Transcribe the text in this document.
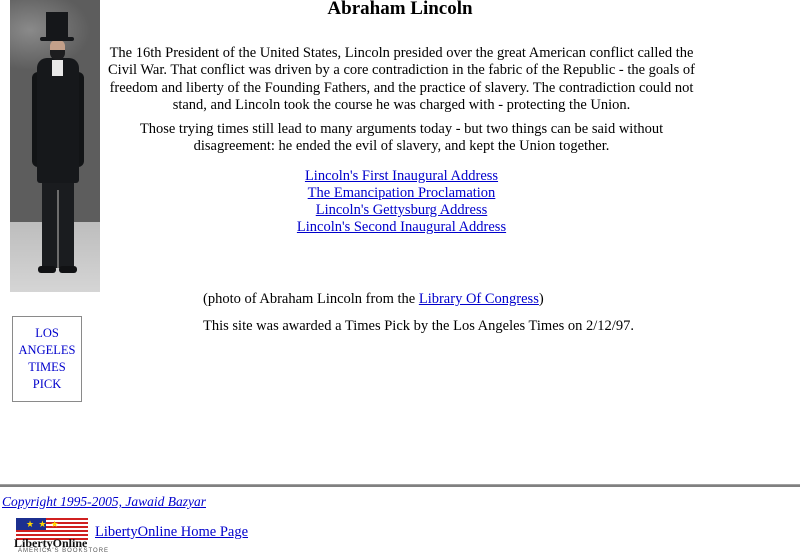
Abraham Lincoln

The 16th President of the United States, Lincoln presided over the great American conflict called the Civil War. That conflict was driven by a core contradiction in the fabric of the Republic - the goals of freedom and liberty of the Founding Fathers, and the practice of slavery. The contradiction could not stand, and Lincoln took the course he was charged with - protecting the Union.

Those trying times still lead to many arguments today - but two things can be said without disagreement: he ended the evil of slavery, and kept the Union together.

Lincoln's First Inaugural Address
The Emancipation Proclamation
Lincoln's Gettysburg Address
Lincoln's Second Inaugural Address
(photo of Abraham Lincoln from the Library Of Congress)
This site was awarded a Times Pick by the Los Angeles Times on 2/12/97.
LOS
ANGELES
TIMES PICK
Copyright 1995-2005, Jawaid Bazyar
★ ★ ★
LibertyOnline
AMERICA'S BOOKSTORE
LibertyOnline Home Page
